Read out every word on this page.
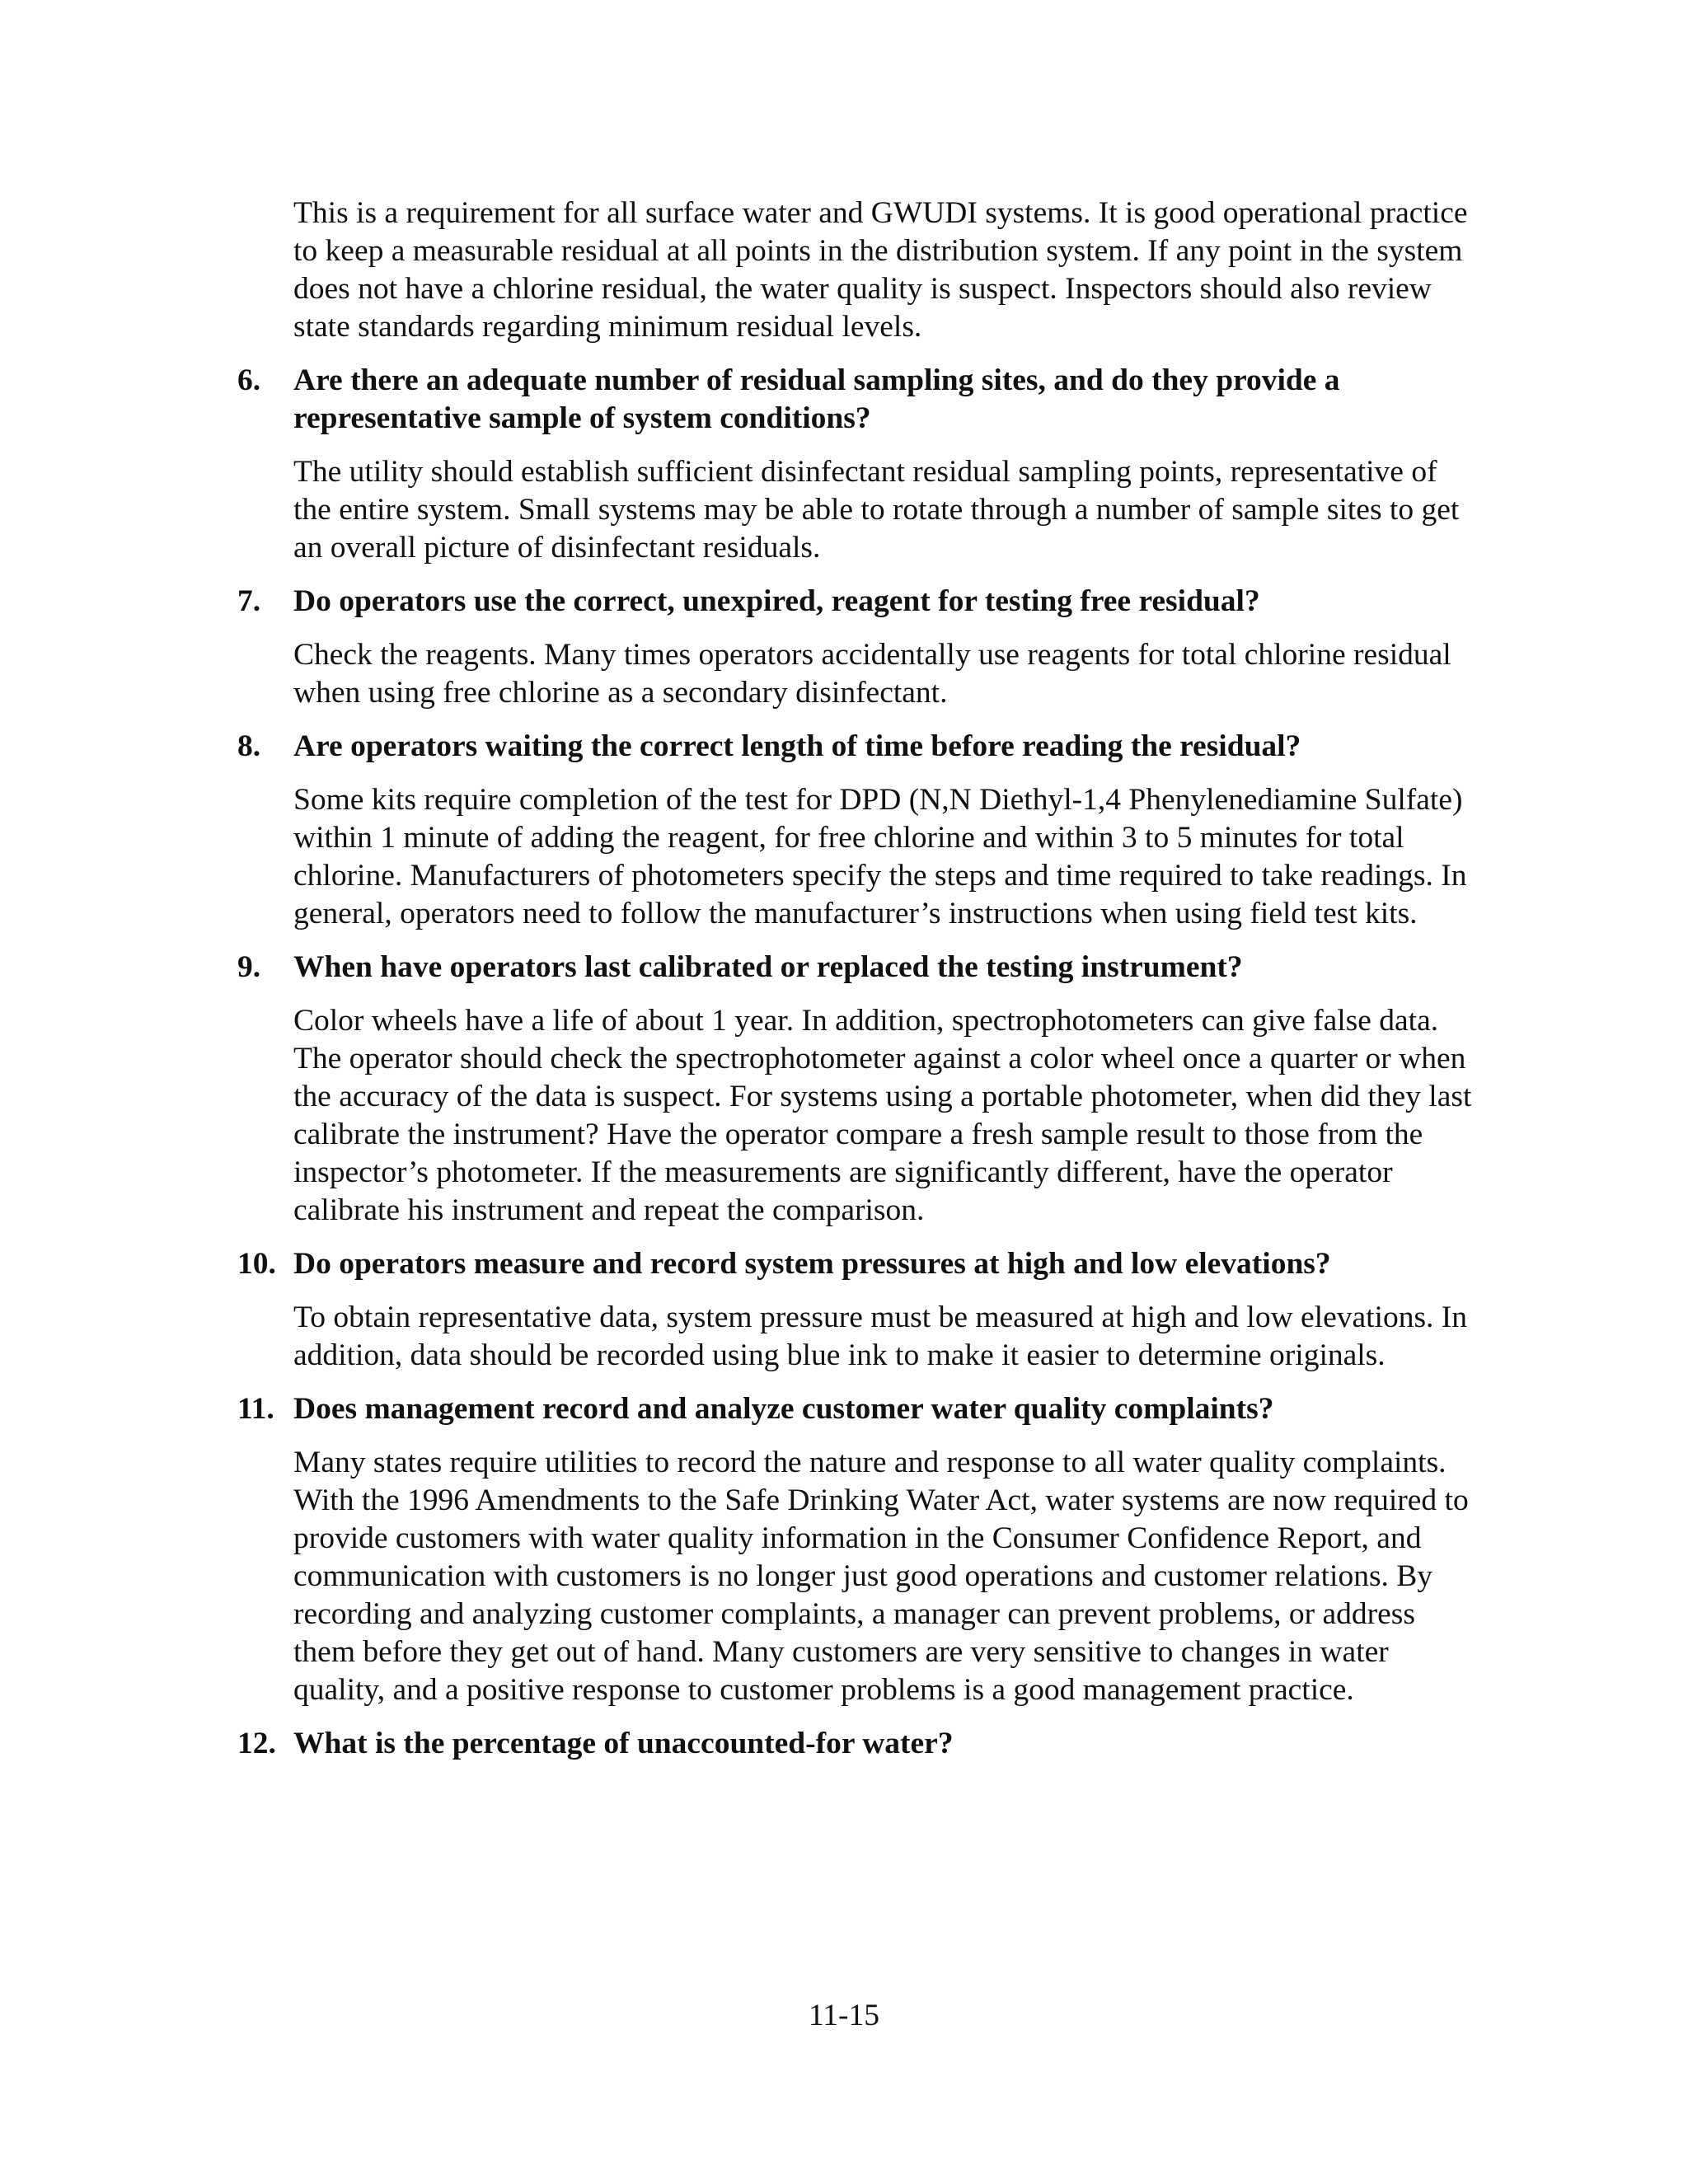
This is a requirement for all surface water and GWUDI systems. It is good operational practice to keep a measurable residual at all points in the distribution system. If any point in the system does not have a chlorine residual, the water quality is suspect. Inspectors should also review state standards regarding minimum residual levels.

6.	Are there an adequate number of residual sampling sites, and do they provide a representative sample of system conditions?

The utility should establish sufficient disinfectant residual sampling points, representative of the entire system. Small systems may be able to rotate through a number of sample sites to get an overall picture of disinfectant residuals.

7.	Do operators use the correct, unexpired, reagent for testing free residual?

Check the reagents. Many times operators accidentally use reagents for total chlorine residual when using free chlorine as a secondary disinfectant.

8.	Are operators waiting the correct length of time before reading the residual?

Some kits require completion of the test for DPD (N,N Diethyl-1,4 Phenylenediamine Sulfate) within 1 minute of adding the reagent, for free chlorine and within 3 to 5 minutes for total chlorine. Manufacturers of photometers specify the steps and time required to take readings. In general, operators need to follow the manufacturer’s instructions when using field test kits.

9.	When have operators last calibrated or replaced the testing instrument?

Color wheels have a life of about 1 year. In addition, spectrophotometers can give false data. The operator should check the spectrophotometer against a color wheel once a quarter or when the accuracy of the data is suspect. For systems using a portable photometer, when did they last calibrate the instrument? Have the operator compare a fresh sample result to those from the inspector’s photometer. If the measurements are significantly different, have the operator calibrate his instrument and repeat the comparison.

10. Do operators measure and record system pressures at high and low elevations?

To obtain representative data, system pressure must be measured at high and low elevations. In addition, data should be recorded using blue ink to make it easier to determine originals.

11. Does management record and analyze customer water quality complaints?

Many states require utilities to record the nature and response to all water quality complaints. With the 1996 Amendments to the Safe Drinking Water Act, water systems are now required to provide customers with water quality information in the Consumer Confidence Report, and communication with customers is no longer just good operations and customer relations. By recording and analyzing customer complaints, a manager can prevent problems, or address them before they get out of hand. Many customers are very sensitive to changes in water quality, and a positive response to customer problems is a good management practice.

12. What is the percentage of unaccounted-for water?
11-15
